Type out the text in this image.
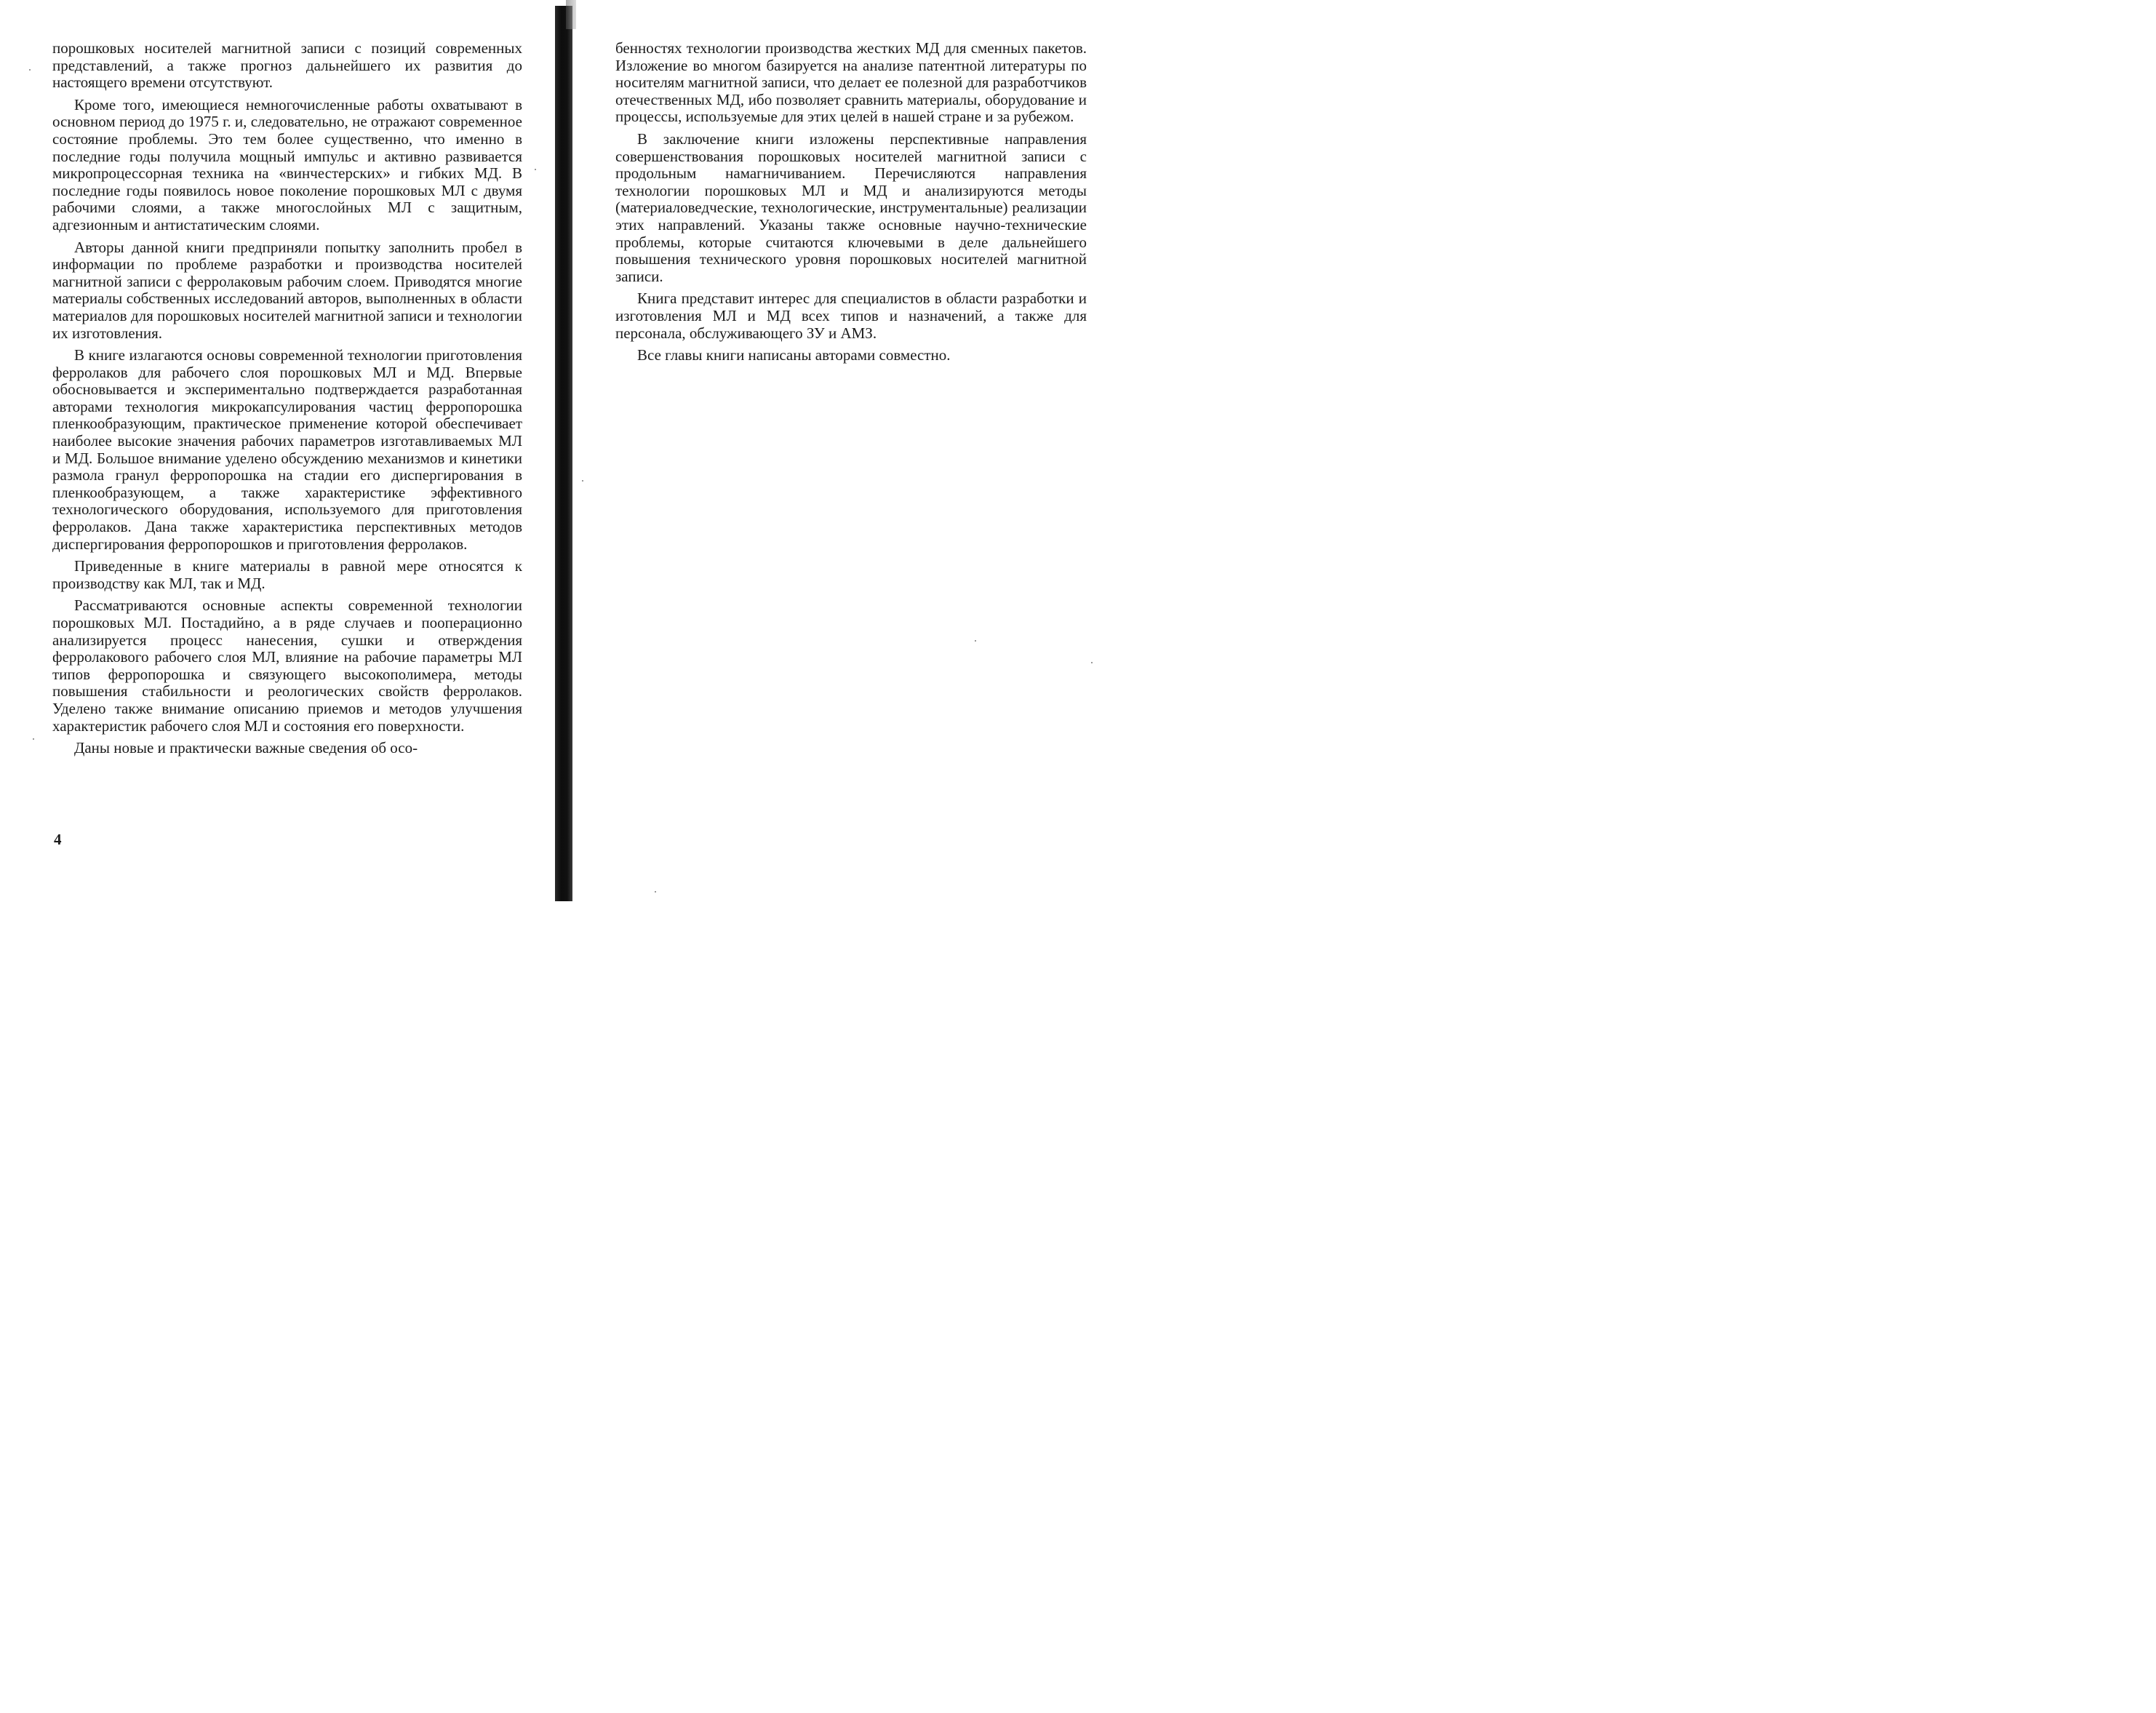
порошковых носителей магнитной записи с позиций современных представлений, а также прогноз дальнейшего их развития до настоящего времени отсутствуют.

Кроме того, имеющиеся немногочисленные работы охватывают в основном период до 1975 г. и, следовательно, не отражают современное состояние проблемы. Это тем более существенно, что именно в последние годы получила мощный импульс и активно развивается микропроцессорная техника на «винчестерских» и гибких МД. В последние годы появилось новое поколение порошковых МЛ с двумя рабочими слоями, а также многослойных МЛ с защитным, адгезионным и антистатическим слоями.

Авторы данной книги предприняли попытку заполнить пробел в информации по проблеме разработки и производства носителей магнитной записи с ферролаковым рабочим слоем. Приводятся многие материалы собственных исследований авторов, выполненных в области материалов для порошковых носителей магнитной записи и технологии их изготовления.

В книге излагаются основы современной технологии приготовления ферролаков для рабочего слоя порошковых МЛ и МД. Впервые обосновывается и экспериментально подтверждается разработанная авторами технология микрокапсулирования частиц ферропорошка пленкообразующим, практическое применение которой обеспечивает наиболее высокие значения рабочих параметров изготавливаемых МЛ и МД. Большое внимание уделено обсуждению механизмов и кинетики размола гранул ферропорошка на стадии его диспергирования в пленкообразующем, а также характеристике эффективного технологического оборудования, используемого для приготовления ферролаков. Дана также характеристика перспективных методов диспергирования ферропорошков и приготовления ферролаков.

Приведенные в книге материалы в равной мере относятся к производству как МЛ, так и МД.

Рассматриваются основные аспекты современной технологии порошковых МЛ. Постадийно, а в ряде случаев и пооперационно анализируется процесс нанесения, сушки и отверждения ферролакового рабочего слоя МЛ, влияние на рабочие параметры МЛ типов ферропорошка и связующего высокополимера, методы повышения стабильности и реологических свойств ферролаков. Уделено также внимание описанию приемов и методов улучшения характеристик рабочего слоя МЛ и состояния его поверхности.

Даны новые и практически важные сведения об осо-

4

бенностях технологии производства жестких МД для сменных пакетов. Изложение во многом базируется на анализе патентной литературы по носителям магнитной записи, что делает ее полезной для разработчиков отечественных МД, ибо позволяет сравнить материалы, оборудование и процессы, используемые для этих целей в нашей стране и за рубежом.

В заключение книги изложены перспективные направления совершенствования порошковых носителей магнитной записи с продольным намагничиванием. Перечисляются направления технологии порошковых МЛ и МД и анализируются методы (материаловедческие, технологические, инструментальные) реализации этих направлений. Указаны также основные научно-технические проблемы, которые считаются ключевыми в деле дальнейшего повышения технического уровня порошковых носителей магнитной записи.

Книга представит интерес для специалистов в области разработки и изготовления МЛ и МД всех типов и назначений, а также для персонала, обслуживающего ЗУ и АМЗ.

Все главы книги написаны авторами совместно.
